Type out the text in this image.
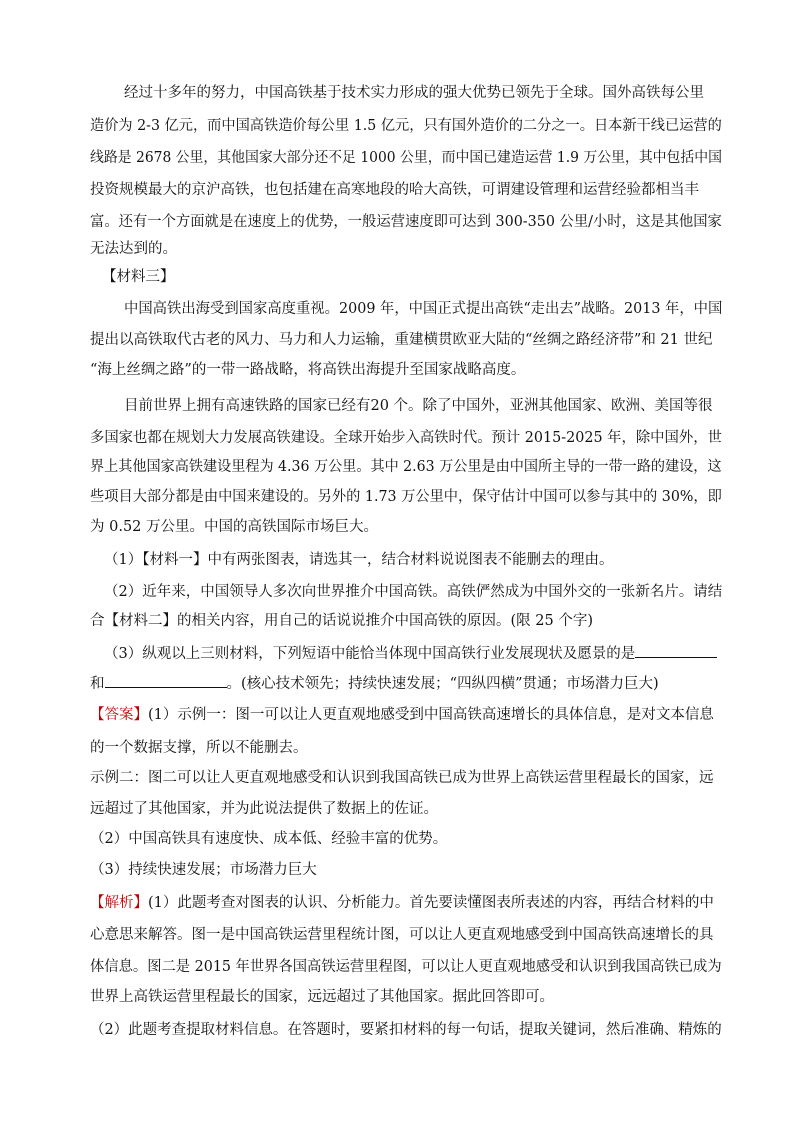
经过十多年的努力，中国高铁基于技术实力形成的强大优势已领先于全球。国外高铁每公里
造价为 2-3 亿元，而中国高铁造价每公里 1.5 亿元，只有国外造价的二分之一。日本新干线已运营的
线路是 2678 公里，其他国家大部分还不足 1000 公里，而中国已建造运营 1.9 万公里，其中包括中国
投资规模最大的京沪高铁，也包括建在高寒地段的哈大高铁，可谓建设管理和运营经验都相当丰
富。还有一个方面就是在速度上的优势，一般运营速度即可达到 300-350 公里/小时，这是其他国家
无法达到的。
【材料三】
中国高铁出海受到国家高度重视。2009 年，中国正式提出高铁“走出去”战略。2013 年，中国
提出以高铁取代古老的风力、马力和人力运输，重建横贯欧亚大陆的“丝绸之路经济带”和 21 世纪
“海上丝绸之路”的一带一路战略，将高铁出海提升至国家战略高度。
目前世界上拥有高速铁路的国家已经有20 个。除了中国外，亚洲其他国家、欧洲、美国等很
多国家也都在规划大力发展高铁建设。全球开始步入高铁时代。预计 2015-2025 年，除中国外，世
界上其他国家高铁建设里程为 4.36 万公里。其中 2.63 万公里是由中国所主导的一带一路的建设，这
些项目大部分都是由中国来建设的。另外的 1.73 万公里中，保守估计中国可以参与其中的 30%，即
为 0.52 万公里。中国的高铁国际市场巨大。
（1）【材料一】中有两张图表，请选其一，结合材料说说图表不能删去的理由。
（2）近年来，中国领导人多次向世界推介中国高铁。高铁俨然成为中国外交的一张新名片。请结
合【材料二】的相关内容，用自己的话说说推介中国高铁的原因。(限 25 个字)
（3）纵观以上三则材料，下列短语中能恰当体现中国高铁行业发展现状及愿景的是
和	。(核心技术领先；持续快速发展；“四纵四横”贯通；市场潜力巨大)
【答案】(1）示例一：图一可以让人更直观地感受到中国高铁高速增长的具体信息，是对文本信息
的一个数据支撑，所以不能删去。
示例二：图二可以让人更直观地感受和认识到我国高铁已成为世界上高铁运营里程最长的国家，远
远超过了其他国家，并为此说法提供了数据上的佐证。
（2）中国高铁具有速度快、成本低、经验丰富的优势。
（3）持续快速发展；市场潜力巨大
【解析】(1）此题考查对图表的认识、分析能力。首先要读懂图表所表述的内容，再结合材料的中
心意思来解答。图一是中国高铁运营里程统计图，可以让人更直观地感受到中国高铁高速增长的具
体信息。图二是 2015 年世界各国高铁运营里程图，可以让人更直观地感受和认识到我国高铁已成为
世界上高铁运营里程最长的国家，远远超过了其他国家。据此回答即可。
（2）此题考查提取材料信息。在答题时，要紧扣材料的每一句话，提取关键词，然后准确、精炼的
